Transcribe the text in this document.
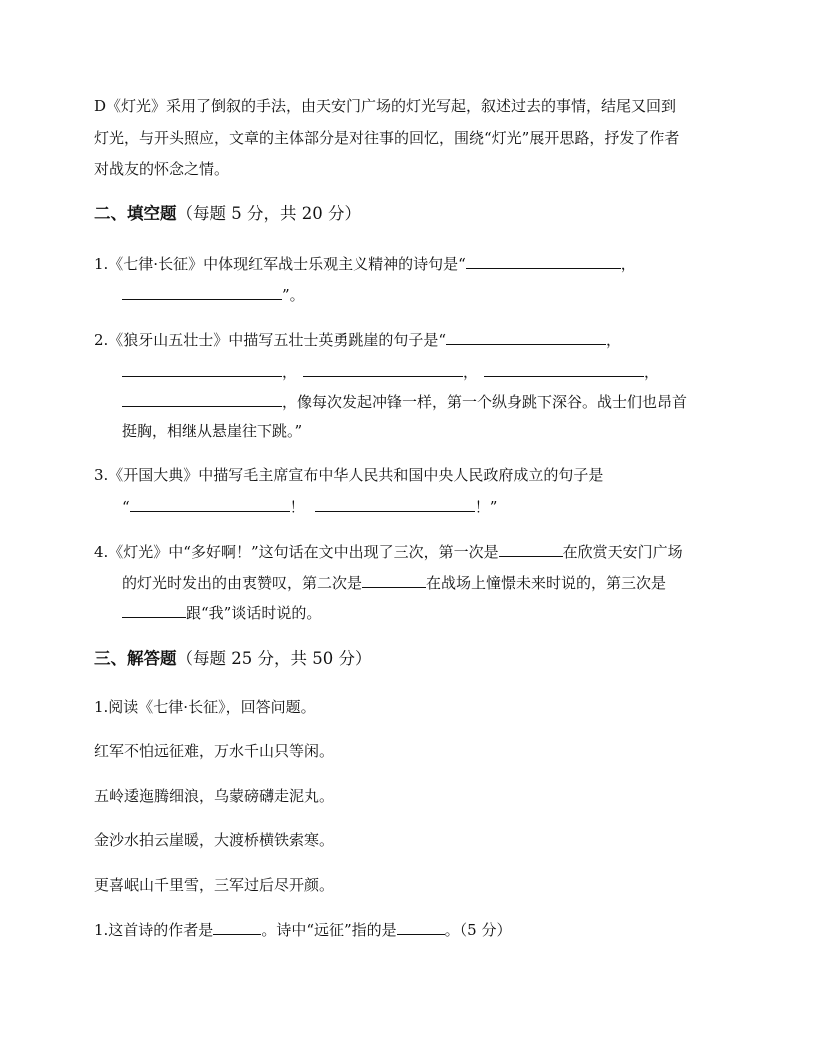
D《灯光》采用了倒叙的手法，由天安门广场的灯光写起，叙述过去的事情，结尾又回到
灯光，与开头照应，文章的主体部分是对往事的回忆，围绕“灯光”展开思路，抒发了作者
对战友的怀念之情。
二、填空题（每题 5 分，共 20 分）
1.《七律·长征》中体现红军战士乐观主义精神的诗句是“	，
”。
2.《狼牙山五壮士》中描写五壮士英勇跳崖的句子是“	，
，	，	，
，像每次发起冲锋一样，第一个纵身跳下深谷。战士们也昂首
挺胸，相继从悬崖往下跳。”
3.《开国大典》中描写毛主席宣布中华人民共和国中央人民政府成立的句子是
“	！	！”
4.《灯光》中“多好啊！”这句话在文中出现了三次，第一次是	在欣赏天安门广场
的灯光时发出的由衷赞叹，第二次是	在战场上憧憬未来时说的，第三次是
跟“我”谈话时说的。
三、解答题（每题 25 分，共 50 分）
1.阅读《七律·长征》，回答问题。
红军不怕远征难，万水千山只等闲。
五岭逶迤腾细浪，乌蒙磅礴走泥丸。
金沙水拍云崖暖，大渡桥横铁索寒。
更喜岷山千里雪，三军过后尽开颜。
1.这首诗的作者是	。诗中“远征”指的是	。（5 分）
